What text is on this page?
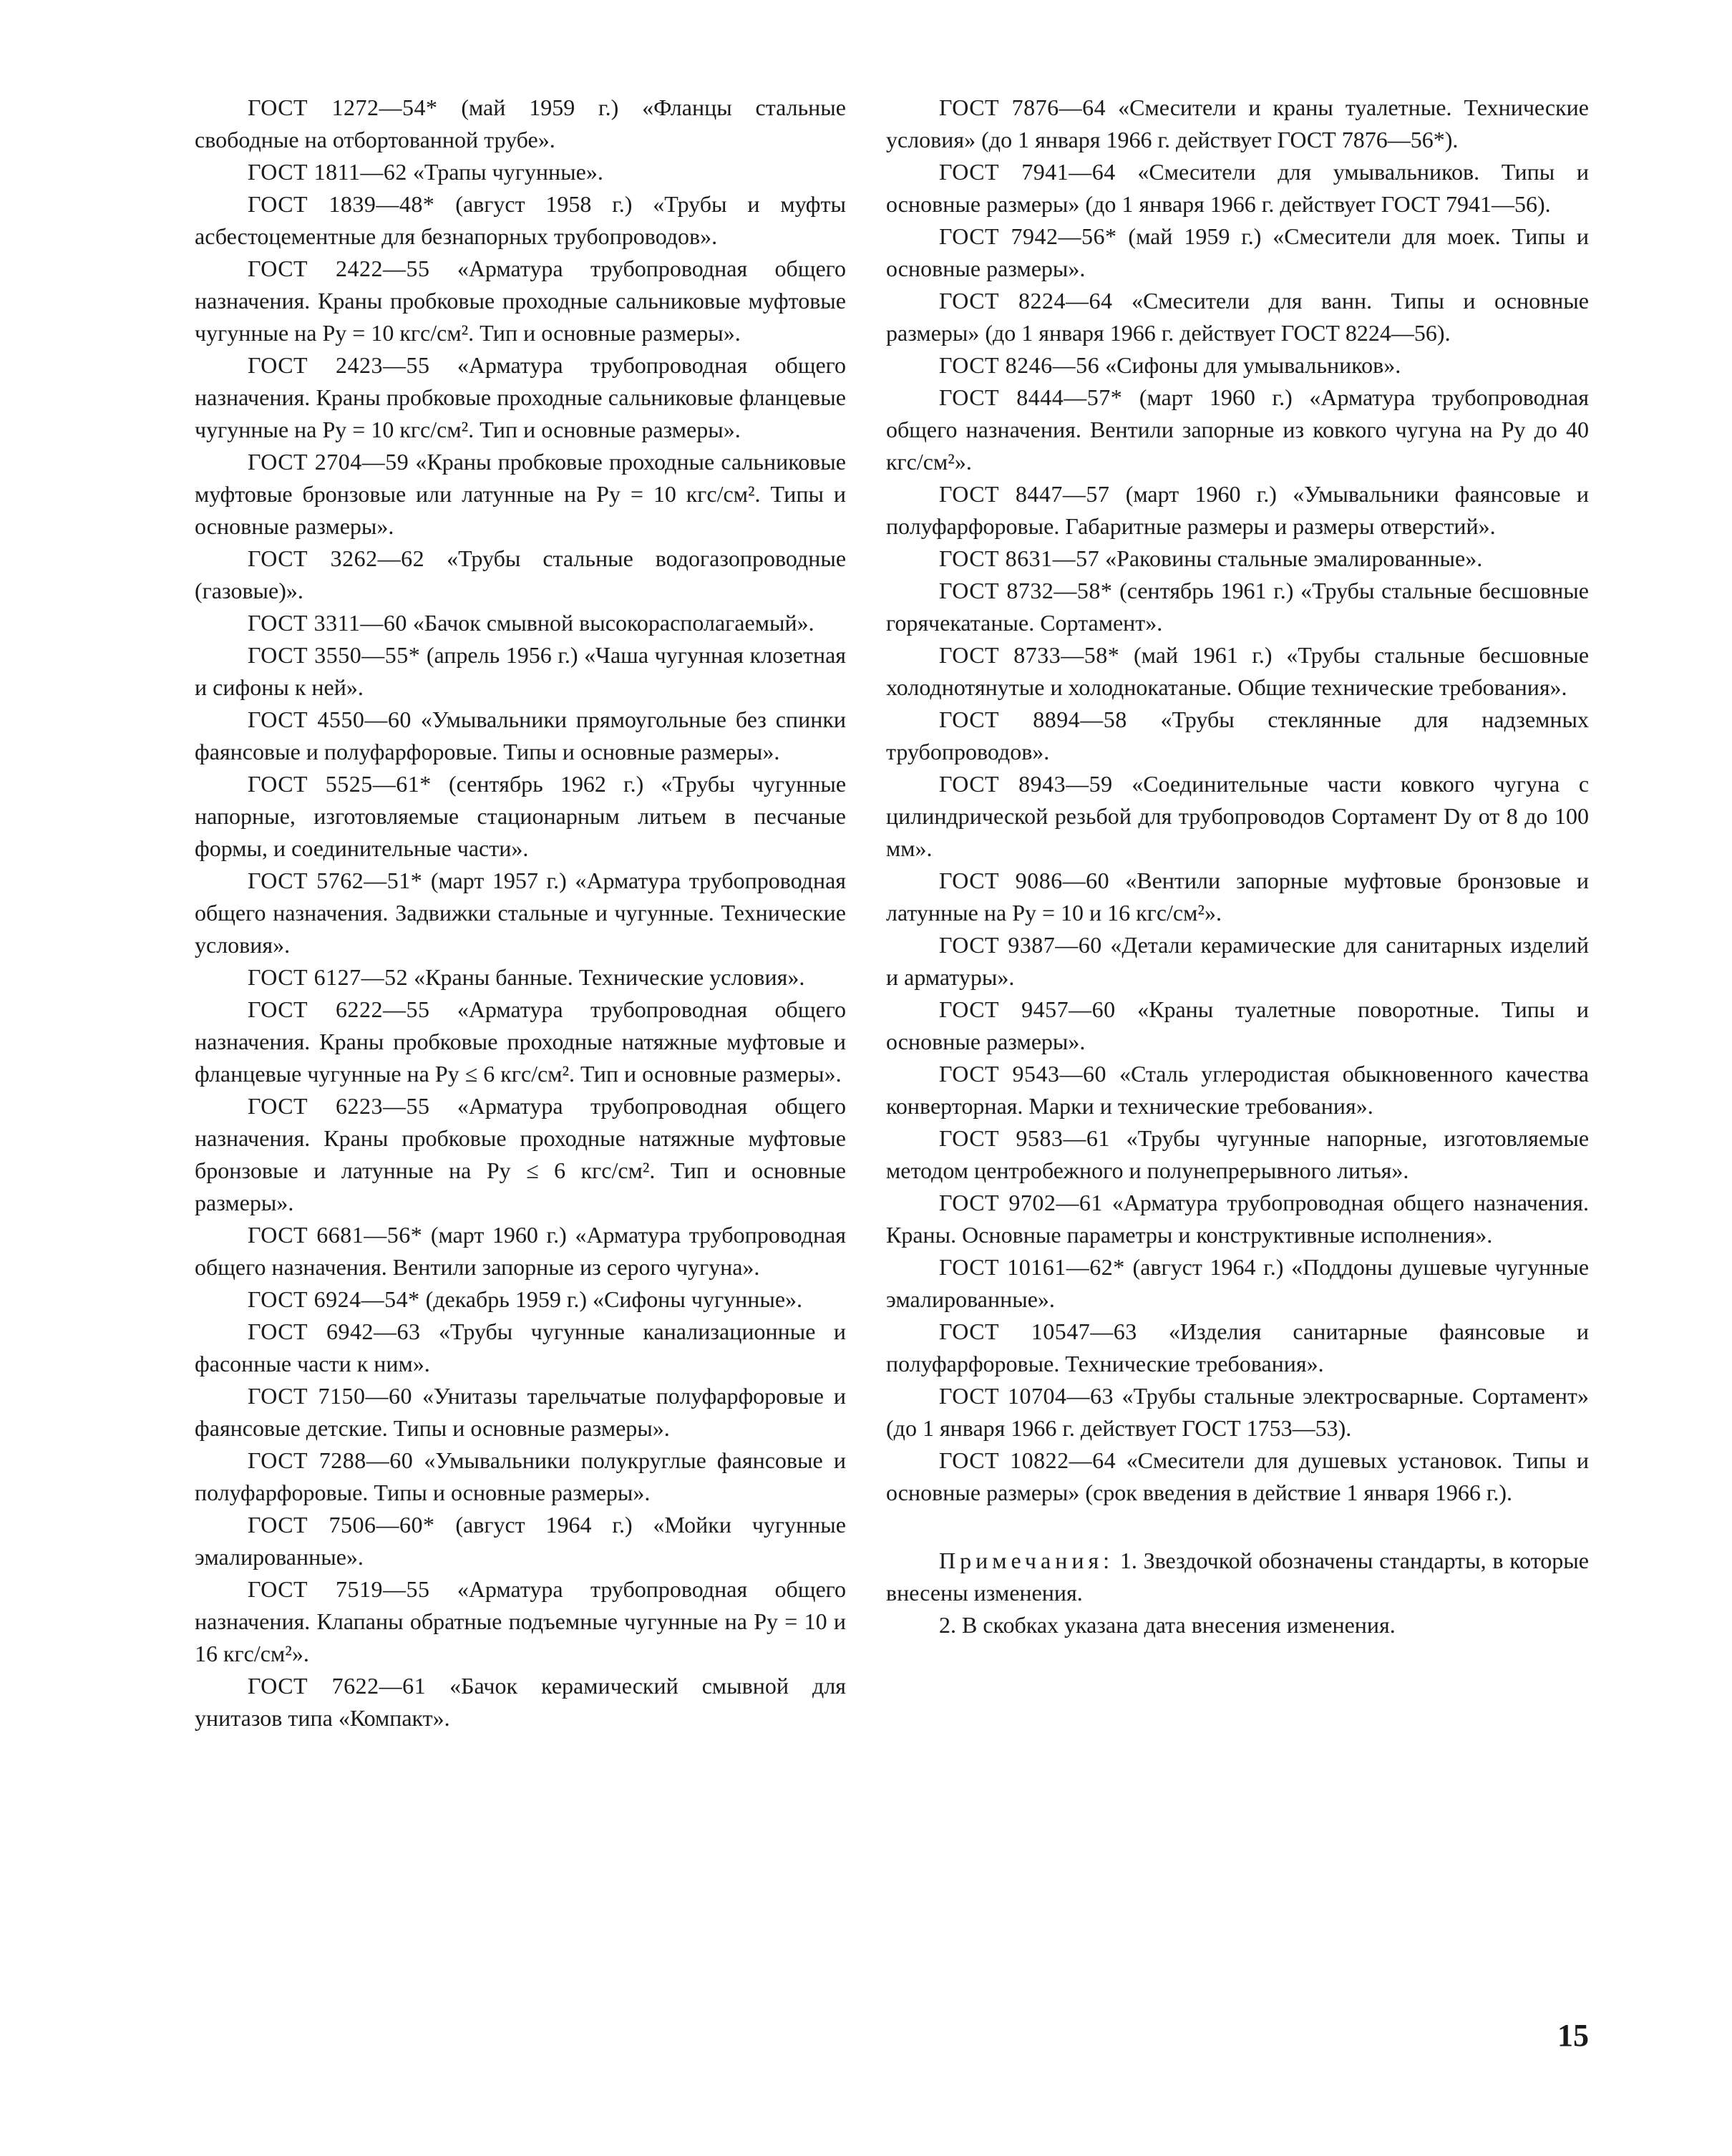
ГОСТ 1272—54* (май 1959 г.) «Фланцы стальные свободные на отбортованной трубе».

ГОСТ 1811—62 «Трапы чугунные».

ГОСТ 1839—48* (август 1958 г.) «Трубы и муфты асбестоцементные для безнапорных трубопроводов».

ГОСТ 2422—55 «Арматура трубопроводная общего назначения. Краны пробковые проходные сальниковые муфтовые чугунные на Pу = 10 кгс/см². Тип и основные размеры».

ГОСТ 2423—55 «Арматура трубопроводная общего назначения. Краны пробковые проходные сальниковые фланцевые чугунные на Pу = 10 кгс/см². Тип и основные размеры».

ГОСТ 2704—59 «Краны пробковые проходные сальниковые муфтовые бронзовые или латунные на Pу = 10 кгс/см². Типы и основные размеры».

ГОСТ 3262—62 «Трубы стальные водогазопроводные (газовые)».

ГОСТ 3311—60 «Бачок смывной высокорасполагаемый».

ГОСТ 3550—55* (апрель 1956 г.) «Чаша чугунная клозетная и сифоны к ней».

ГОСТ 4550—60 «Умывальники прямоугольные без спинки фаянсовые и полуфарфоровые. Типы и основные размеры».

ГОСТ 5525—61* (сентябрь 1962 г.) «Трубы чугунные напорные, изготовляемые стационарным литьем в песчаные формы, и соединительные части».

ГОСТ 5762—51* (март 1957 г.) «Арматура трубопроводная общего назначения. Задвижки стальные и чугунные. Технические условия».

ГОСТ 6127—52 «Краны банные. Технические условия».

ГОСТ 6222—55 «Арматура трубопроводная общего назначения. Краны пробковые проходные натяжные муфтовые и фланцевые чугунные на Pу ≤ 6 кгс/см². Тип и основные размеры».

ГОСТ 6223—55 «Арматура трубопроводная общего назначения. Краны пробковые проходные натяжные муфтовые бронзовые и латунные на Pу ≤ 6 кгс/см². Тип и основные размеры».

ГОСТ 6681—56* (март 1960 г.) «Арматура трубопроводная общего назначения. Вентили запорные из серого чугуна».

ГОСТ 6924—54* (декабрь 1959 г.) «Сифоны чугунные».

ГОСТ 6942—63 «Трубы чугунные канализационные и фасонные части к ним».

ГОСТ 7150—60 «Унитазы тарельчатые полуфарфоровые и фаянсовые детские. Типы и основные размеры».

ГОСТ 7288—60 «Умывальники полукруглые фаянсовые и полуфарфоровые. Типы и основные размеры».

ГОСТ 7506—60* (август 1964 г.) «Мойки чугунные эмалированные».

ГОСТ 7519—55 «Арматура трубопроводная общего назначения. Клапаны обратные подъемные чугунные на Pу = 10 и 16 кгс/см²».

ГОСТ 7622—61 «Бачок керамический смывной для унитазов типа «Компакт».

ГОСТ 7876—64 «Смесители и краны туалетные. Технические условия» (до 1 января 1966 г. действует ГОСТ 7876—56*).

ГОСТ 7941—64 «Смесители для умывальников. Типы и основные размеры» (до 1 января 1966 г. действует ГОСТ 7941—56).

ГОСТ 7942—56* (май 1959 г.) «Смесители для моек. Типы и основные размеры».

ГОСТ 8224—64 «Смесители для ванн. Типы и основные размеры» (до 1 января 1966 г. действует ГОСТ 8224—56).

ГОСТ 8246—56 «Сифоны для умывальников».

ГОСТ 8444—57* (март 1960 г.) «Арматура трубопроводная общего назначения. Вентили запорные из ковкого чугуна на Pу до 40 кгс/см²».

ГОСТ 8447—57 (март 1960 г.) «Умывальники фаянсовые и полуфарфоровые. Габаритные размеры и размеры отверстий».

ГОСТ 8631—57 «Раковины стальные эмалированные».

ГОСТ 8732—58* (сентябрь 1961 г.) «Трубы стальные бесшовные горячекатаные. Сортамент».

ГОСТ 8733—58* (май 1961 г.) «Трубы стальные бесшовные холоднотянутые и холоднокатаные. Общие технические требования».

ГОСТ 8894—58 «Трубы стеклянные для надземных трубопроводов».

ГОСТ 8943—59 «Соединительные части ковкого чугуна с цилиндрической резьбой для трубопроводов Сортамент Dу от 8 до 100 мм».

ГОСТ 9086—60 «Вентили запорные муфтовые бронзовые и латунные на Pу = 10 и 16 кгс/см²».

ГОСТ 9387—60 «Детали керамические для санитарных изделий и арматуры».

ГОСТ 9457—60 «Краны туалетные поворотные. Типы и основные размеры».

ГОСТ 9543—60 «Сталь углеродистая обыкновенного качества конверторная. Марки и технические требования».

ГОСТ 9583—61 «Трубы чугунные напорные, изготовляемые методом центробежного и полунепрерывного литья».

ГОСТ 9702—61 «Арматура трубопроводная общего назначения. Краны. Основные параметры и конструктивные исполнения».

ГОСТ 10161—62* (август 1964 г.) «Поддоны душевые чугунные эмалированные».

ГОСТ 10547—63 «Изделия санитарные фаянсовые и полуфарфоровые. Технические требования».

ГОСТ 10704—63 «Трубы стальные электросварные. Сортамент» (до 1 января 1966 г. действует ГОСТ 1753—53).

ГОСТ 10822—64 «Смесители для душевых установок. Типы и основные размеры» (срок введения в действие 1 января 1966 г.).

Примечания: 1. Звездочкой обозначены стандарты, в которые внесены изменения.

2. В скобках указана дата внесения изменения.

15
